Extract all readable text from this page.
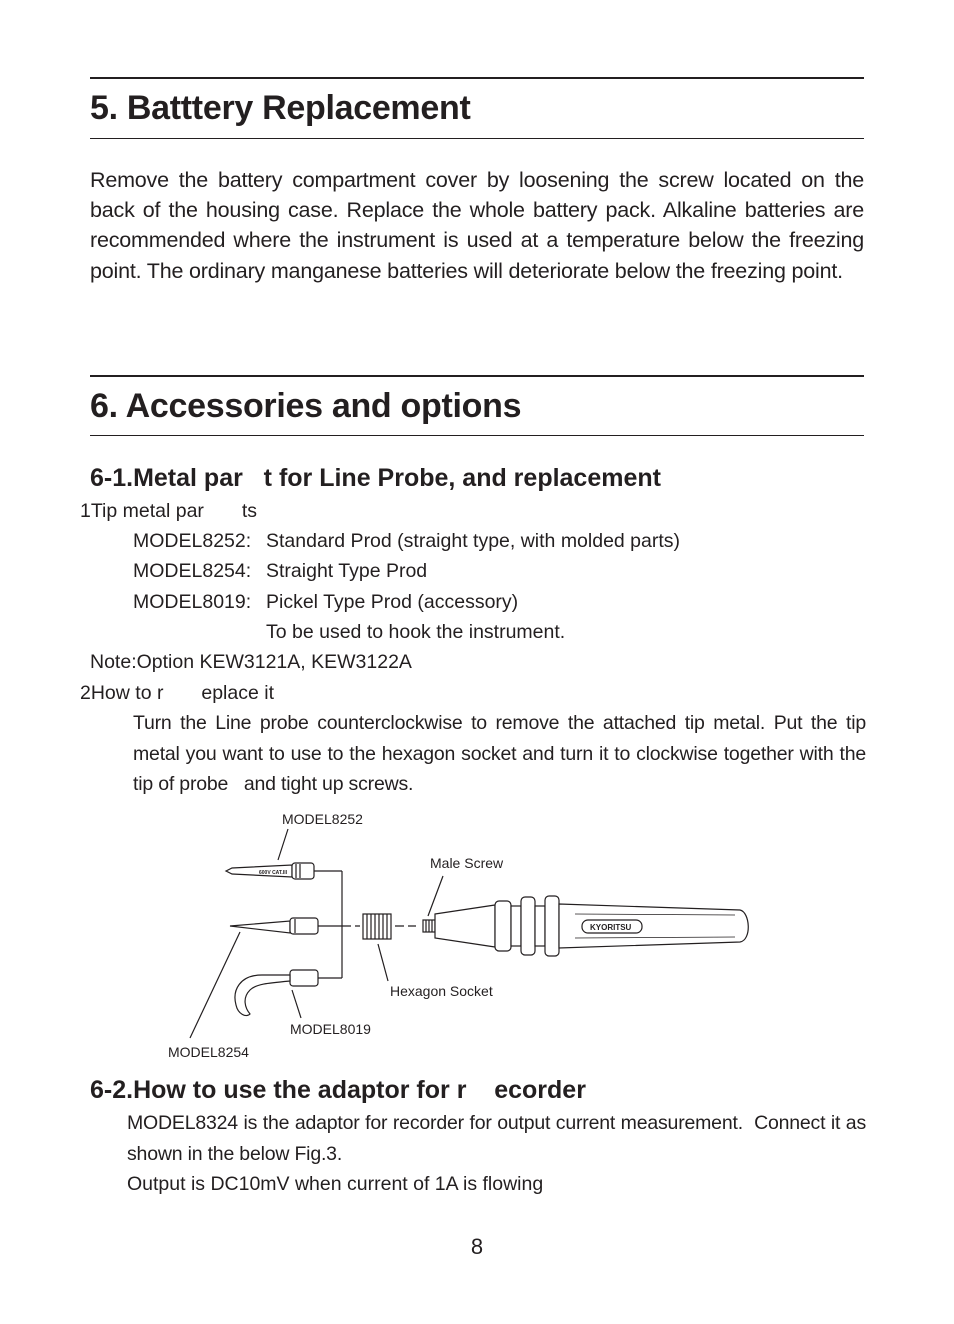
5. Batttery Replacement

Remove the battery compartment cover by loosening the screw located on the back of the housing case. Replace the whole battery pack. Alkaline batteries are recommended where the instrument is used at a temperature below the freezing point. The ordinary manganese batteries will deteriorate below the freezing point.

6. Accessories and options
6-1.Metal par   t for Line Probe, and replacement

1Tip metal par       ts

MODEL8252: Standard Prod (straight type, with molded parts)

MODEL8254: Straight Type Prod

MODEL8019: Pickel Type Prod (accessory)

To be used to hook the instrument.

Note:Option KEW3121A, KEW3122A

2How to r       eplace it

Turn the Line probe counterclockwise to remove the attached tip metal. Put the tip metal you want to use to the hexagon socket and turn it to clockwise together with the tip of probe   and tight up screws.

KYORITSU
600V CAT.III
MODEL8252
Male Screw
Hexagon Socket
MODEL8019
MODEL8254
6-2.How to use the adaptor for r    ecorder

MODEL8324 is the adaptor for recorder for output current measurement.  Connect it as shown in the below Fig.3.

Output is DC10mV when current of 1A is flowing

8
